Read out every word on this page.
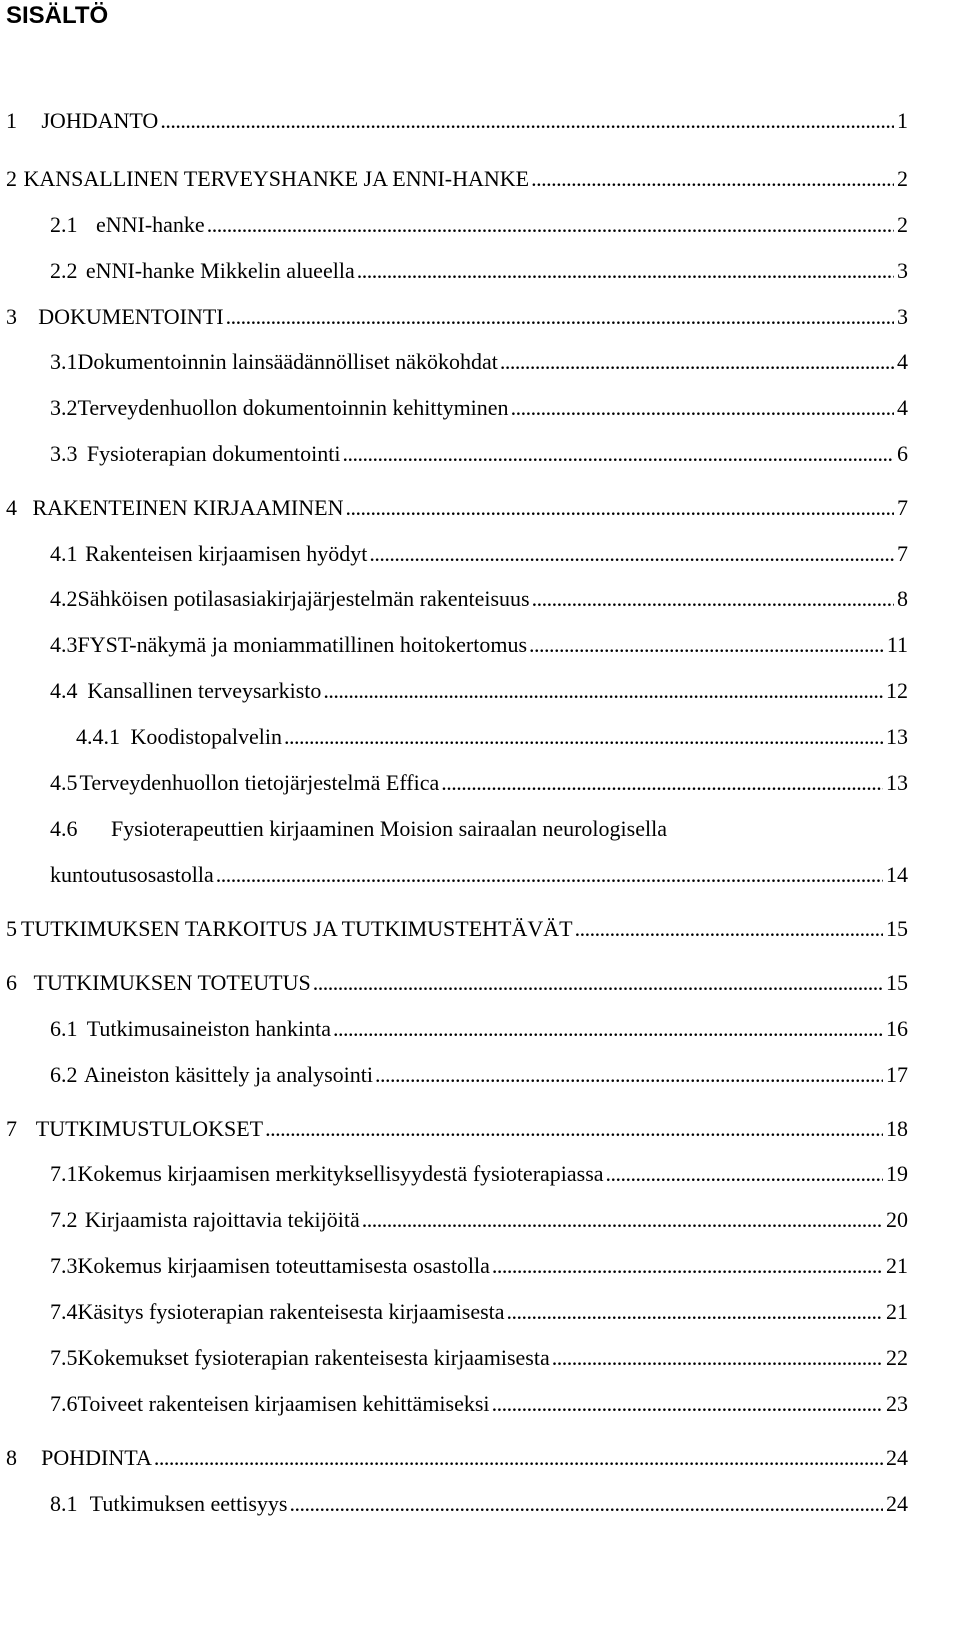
SISÄLTÖ
1	JOHDANTO . . .	1
2 KANSALLINEN TERVEYSHANKE JA ENNI-HANKE . . .	2
2.1 eNNI-hanke . . .	2
2.2 eNNI-hanke Mikkelin alueella . . .	3
3 DOKUMENTOINTI . . .	3
3.1 Dokumentoinnin lainsäädännölliset näkökohdat . . .	4
3.2 Terveydenhuollon dokumentoinnin kehittyminen . . .	4
3.3 Fysioterapian dokumentointi . . .	6
4 RAKENTEINEN KIRJAAMINEN . . .	7
4.1 Rakenteisen kirjaamisen hyödyt . . .	7
4.2 Sähköisen potilasasiakirjajärjestelmän rakenteisuus . . .	8
4.3 FYST-näkymä ja moniammatillinen hoitokertomus . . .	11
4.4 Kansallinen terveysarkisto . . .	12
4.4.1 Koodistopalvelin . . .	13
4.5 Terveydenhuollon tietojärjestelmä Effica . . .	13
4.6	Fysioterapeuttien kirjaaminen Moision sairaalan neurologisella
kuntoutusosastolla . . .	14
5 TUTKIMUKSEN TARKOITUS JA TUTKIMUSTEHTÄVÄT . . .	15
6 TUTKIMUKSEN TOTEUTUS . . .	15
6.1 Tutkimusaineiston hankinta . . .	16
6.2 Aineiston käsittely ja analysointi . . .	17
7 TUTKIMUSTULOKSET . . .	18
7.1 Kokemus kirjaamisen merkityksellisyydestä fysioterapiassa . . .	19
7.2 Kirjaamista rajoittavia tekijöitä . . .	20
7.3 Kokemus kirjaamisen toteuttamisesta osastolla . . .	21
7.4 Käsitys fysioterapian rakenteisesta kirjaamisesta . . .	21
7.5 Kokemukset fysioterapian rakenteisesta kirjaamisesta . . .	22
7.6 Toiveet rakenteisen kirjaamisen kehittämiseksi . . .	23
8	POHDINTA . . .	24
8.1 Tutkimuksen eettisyys . . .	24
